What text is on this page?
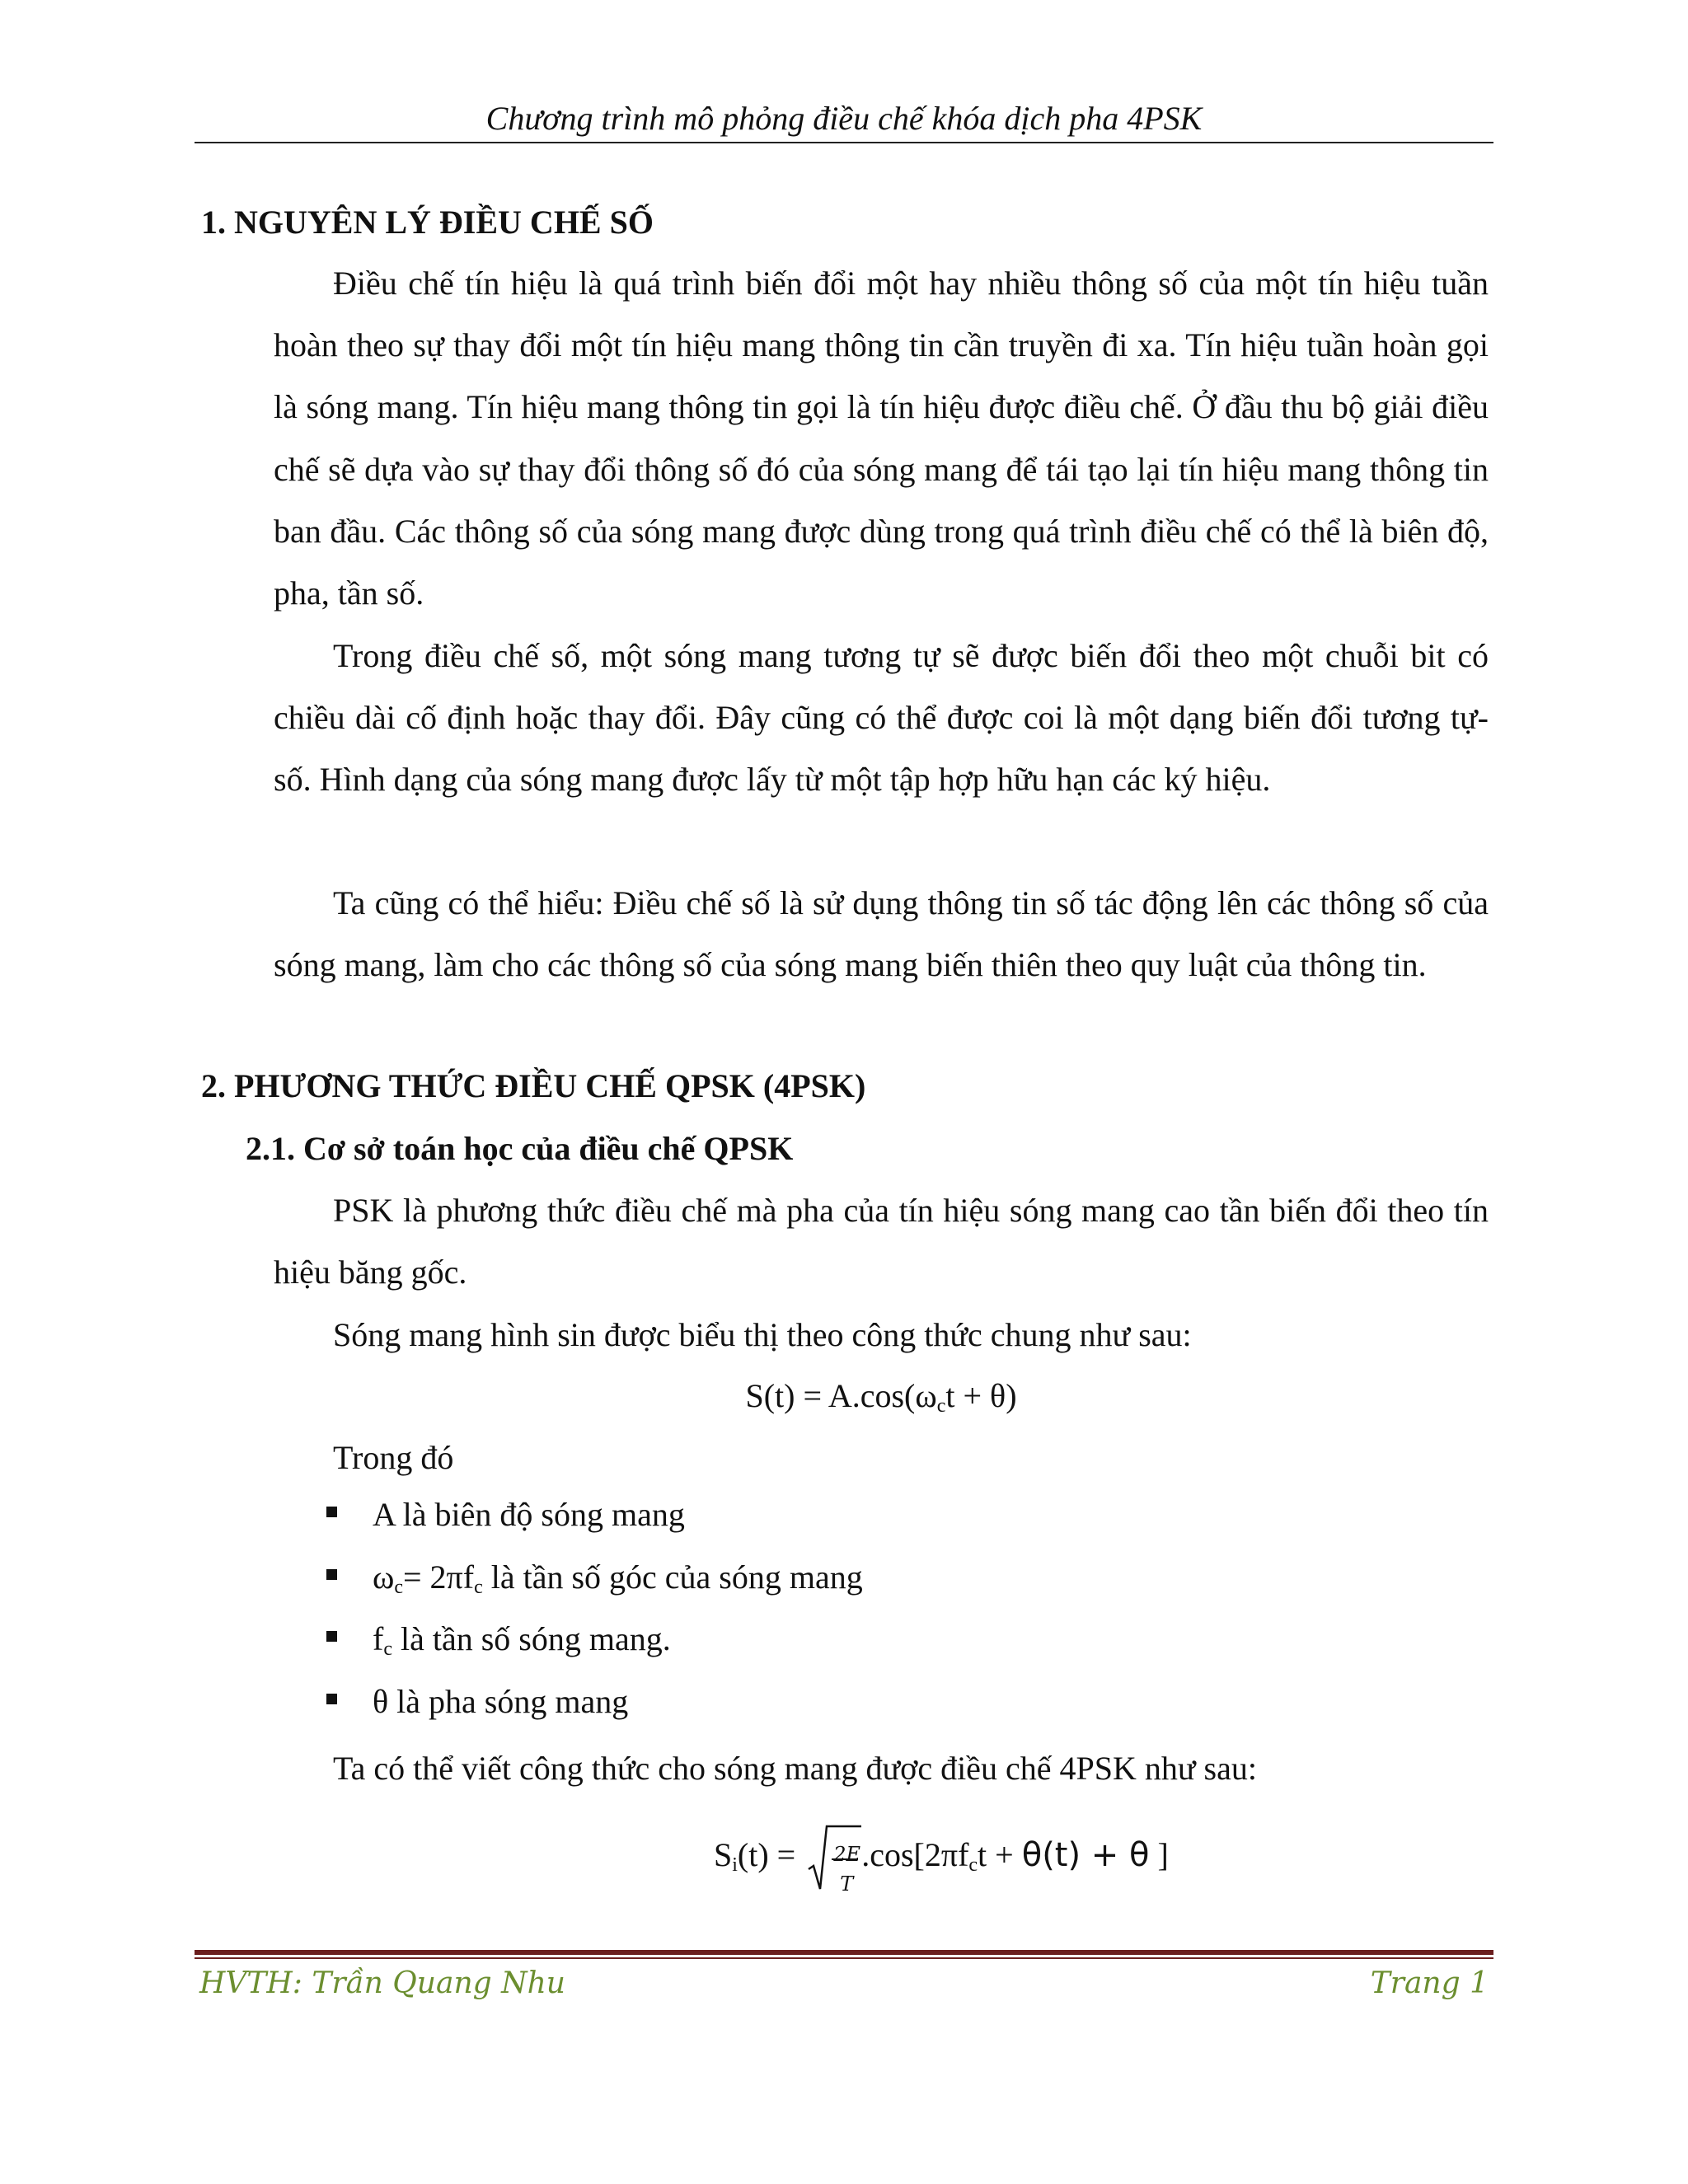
Chương trình mô phỏng điều chế khóa dịch pha 4PSK
1. NGUYÊN LÝ ĐIỀU CHẾ SỐ

Điều chế tín hiệu là quá trình biến đổi một hay nhiều thông số của một tín hiệu tuần hoàn theo sự thay đổi một tín hiệu mang thông tin cần truyền đi xa. Tín hiệu tuần hoàn gọi là sóng mang. Tín hiệu mang thông tin gọi là tín hiệu được điều chế. Ở đầu thu bộ giải điều chế sẽ dựa vào sự thay đổi thông số đó của sóng mang để tái tạo lại tín hiệu mang thông tin ban đầu. Các thông số của sóng mang được dùng trong quá trình điều chế có thể là biên độ, pha, tần số.

Trong điều chế số, một sóng mang tương tự sẽ được biến đổi theo một chuỗi bit có chiều dài cố định hoặc thay đổi. Đây cũng có thể được coi là một dạng biến đổi tương tự-số. Hình dạng của sóng mang được lấy từ một tập hợp hữu hạn các ký hiệu.

Ta cũng có thể hiểu: Điều chế số là sử dụng thông tin số tác động lên các thông số của sóng mang, làm cho các thông số của sóng mang biến thiên theo quy luật của thông tin.

2. PHƯƠNG THỨC ĐIỀU CHẾ QPSK (4PSK)
2.1. Cơ sở toán học của điều chế QPSK

PSK là phương thức điều chế mà pha của tín hiệu sóng mang cao tần biến đổi theo tín hiệu băng gốc.

Sóng mang hình sin được biểu thị theo công thức chung như sau:

$S(t) = A.\cos(\omega_ct + \theta)$
Trong đó
A là biên độ sóng mang
$\omega_c= 2\pi f_c$ là tần số góc của sóng mang
$f_c$ là tần số sóng mang.
θ là pha sóng mang
Ta có thể viết công thức cho sóng mang được điều chế 4PSK như sau:
$S_i(t) = 2E$
T
$.\cos[2\pi f_ct + \theta(t) + \theta$ ]
HVTH: Trần Quang Nhu	Trang 1
